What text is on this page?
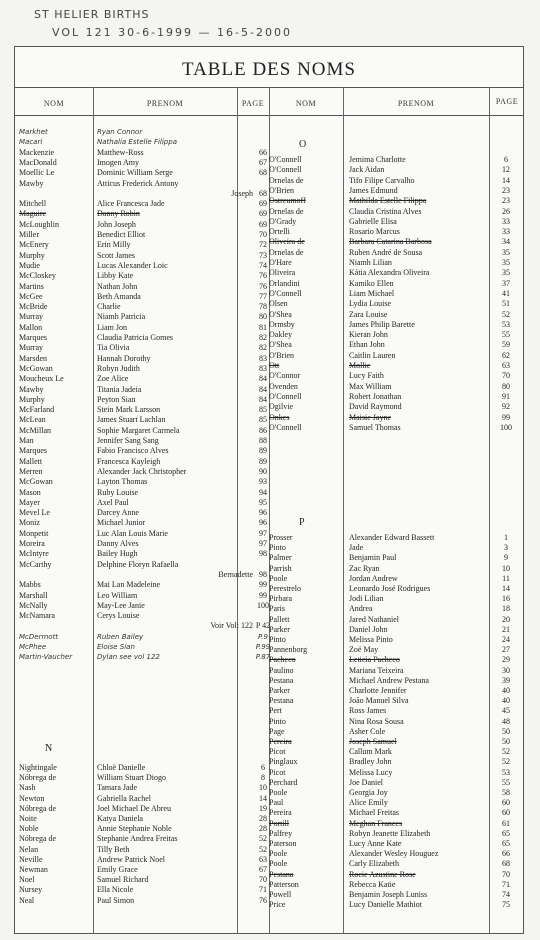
ST HELIER BIRTHS
VOL 121 30-6-1999 — 16-5-2000
TABLE DES NOMS
NOM	PRENOM	PAGE	NOM	PRENOM	PAGE
Markhet	Ryan Connor
Macari	Nathalia Estelle Filippa
Mackenzie	Matthew-Ross	66
MacDonald	Imogen Amy	67
Moellic Le	Dominic William Serge	68
Mawby	Atticus Frederick Antony
Joseph 68
Mitchell	Alice Francesca Jade	69
Maguire	Danny Robin	69
McLoughlin	John Joseph	69
Miller	Benedict Elliot	70
McEnery	Erin Milly	72
Murphy	Scott James	73
Mudie	Lucas Alexander Loic	74
McCloskey	Libby Kate	76
Martins	Nathan John	76
McGee	Beth Amanda	77
McBride	Charlie	78
Murray	Niamh Patricia	80
Mallon	Liam Jon	81
Marques	Claudia Patricia Gomes	82
Murray	Tia Olivia	82
Marsden	Hannah Dorothy	83
McGowan	Robyn Judith	83
Moucheux Le	Zoe Alice	84
Mawby	Titania Jadeia	84
Murphy	Peyton Sian	84
McFarland	Stein Mark Larsson	85
McLean	James Stuart Lachlan	85
McMillan	Sophie Margaret Carmela	86
Man	Jennifer Sang Sang	88
Marques	Fabio Francisco Alves	89
Mallett	Francesca Kayleigh	89
Merren	Alexander Jack Christopher	90
McGowan	Layton Thomas	93
Mason	Ruby Louise	94
Mayer	Axel Paul	95
Mevel Le	Darcey Anne	96
Moniz	Michael Junior	96
Monpetit	Luc Alan Louis Marie	97
Moreira	Danny Alves	97
McIntyre	Bailey Hugh	98
McCarthy	Delphine Floryn Rafaella
Bernadette 98
Mabbs	Mai Lan Madeleine	99
Marshall	Leo William	99
McNally	May-Lee Janie	100
McNamara	Cerys Louise
Voir Vol: 122 P 42
McDermott	Ruben Bailey	P.9
McPhee	Eloise Sian	P.99
Martin-Vaucher	Dylan see vol 122	P.87
N
Nightingale	Chloë Danielle	6
Nóbrega de	William Stuart Diogo	8
Nash	Tamara Jade	10
Newton	Gabriella Rachel	14
Nóbrega de	Joel Michael De Abreu	19
Noite	Katya Daniela	28
Noble	Annie Stephanie Noble	28
Nóbrega de	Stephanie Andrea Freitas	52
Nelan	Tilly Beth	52
Neville	Andrew Patrick Noel	63
Newman	Emily Grace	67
Noel	Samuel Richard	70
Nursey	Ella Nicole	71
Neal	Paul Simon	76
O
O'Connell	Jemima Charlotte	6
O'Connell	Jack Aidan	12
Ornelas de	Tifo Filipe Carvalho	14
O'Brien	James Edmund	23
Ostreumoff	Mathilda Estelle Filippa	23
Ornelas de	Claudia Cristina Alves	26
O'Grady	Gabrielle Elisa	33
Ortelli	Rosario Marcus	33
Oliveira de	Barbara Catarina Barbosa	34
Ornelas de	Ruben André de Sousa	35
O'Hare	Niamh Lilian	35
Oliveira	Kátia Alexandra Oliveira	35
Orlandini	Kamiko Ellen	37
O'Connell	Liam Michael	41
Olsen	Lydia Louise	51
O'Shea	Zara Louise	52
Ormsby	James Philip Barette	53
Oakley	Kieran John	55
O'Shea	Ethan John	59
O'Brien	Caitlin Lauren	62
Ott	Mollie	63
O'Connor	Lucy Faith	70
Ovenden	Max William	80
O'Connell	Robert Jonathan	91
Ogilvie	David Raymond	92
Onkes	Maisie Jayne	99
O'Connell	Samuel Thomas	100
P
Prosser	Alexander Edward Bassett	1
Pinto	Jade	3
Palmer	Benjamin Paul	9
Parrish	Zac Ryan	10
Poole	Jordan Andrew	11
Perestrelo	Leonardo José Rodrigues	14
Pirbara	Jodi Lilian	16
Paris	Andrea	18
Pallett	Jared Nathaniel	20
Parker	Daniel John	21
Pinto	Melissa Pinto	24
Pannenborg	Zoë May	27
Pacheco	Leticia Pacheco	29
Paulino	Mariana Teixeira	30
Pestana	Michael Andrew Pestana	39
Parker	Charlotte Jennifer	40
Pestana	João Manuel Silva	40
Pert	Ross James	45
Pinto	Nina Rosa Sousa	48
Page	Asher Cole	50
Pereira	Joseph Samuel	50
Picot	Callum Mark	52
Pinglaux	Bradley John	52
Picot	Melissa Lucy	53
Perchard	Joe Daniel	55
Poole	Georgia Joy	58
Paul	Alice Emily	60
Pereira	Michael Freitas	60
Portill	Meghan Frances	61
Palfrey	Robyn Jeanette Elizabeth	65
Paterson	Lucy Anne Kate	65
Poole	Alexander Wesley Houguez	66
Poole	Carly Elizabeth	68
Pestana	Rocie Azustine Rose	70
Patterson	Rebecca Katie	71
Powell	Benjamin Joseph Luniss	74
Price	Lucy Danielle Mathiot	75
